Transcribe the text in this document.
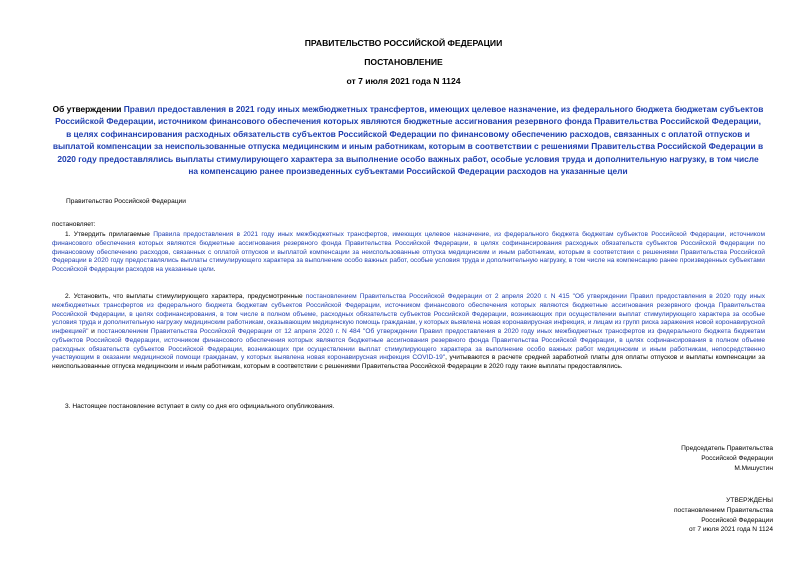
ПРАВИТЕЛЬСТВО РОССИЙСКОЙ ФЕДЕРАЦИИ
ПОСТАНОВЛЕНИЕ
от 7 июля 2021 года N 1124
Об утверждении Правил предоставления в 2021 году иных межбюджетных трансфертов, имеющих целевое назначение, из федерального бюджета бюджетам субъектов Российской Федерации, источником финансового обеспечения которых являются бюджетные ассигнования резервного фонда Правительства Российской Федерации, в целях софинансирования расходных обязательств субъектов Российской Федерации по финансовому обеспечению расходов, связанных с оплатой отпусков и выплатой компенсации за неиспользованные отпуска медицинским и иным работникам, которым в соответствии с решениями Правительства Российской Федерации в 2020 году предоставлялись выплаты стимулирующего характера за выполнение особо важных работ, особые условия труда и дополнительную нагрузку, в том числе на компенсацию ранее произведенных субъектами Российской Федерации расходов на указанные цели
Правительство Российской Федерации
постановляет:
1. Утвердить прилагаемые Правила предоставления в 2021 году иных межбюджетных трансфертов, имеющих целевое назначение, из федерального бюджета бюджетам субъектов Российской Федерации, источником финансового обеспечения которых являются бюджетные ассигнования резервного фонда Правительства Российской Федерации, в целях софинансирования расходных обязательств субъектов Российской Федерации по финансовому обеспечению расходов, связанных с оплатой отпусков и выплатой компенсации за неиспользованные отпуска медицинским и иным работникам, которым в соответствии с решениями Правительства Российской Федерации в 2020 году предоставлялись выплаты стимулирующего характера за выполнение особо важных работ, особые условия труда и дополнительную нагрузку, в том числе на компенсацию ранее произведенных субъектами Российской Федерации расходов на указанные цели.
2. Установить, что выплаты стимулирующего характера, предусмотренные постановлением Правительства Российской Федерации от 2 апреля 2020 г. N 415 "Об утверждении Правил предоставления в 2020 году иных межбюджетных трансфертов из федерального бюджета бюджетам субъектов Российской Федерации, источником финансового обеспечения которых являются бюджетные ассигнования резервного фонда Правительства Российской Федерации, в целях софинансирования, в том числе в полном объеме, расходных обязательств субъектов Российской Федерации, возникающих при осуществлении выплат стимулирующего характера за особые условия труда и дополнительную нагрузку медицинским работникам, оказывающим медицинскую помощь гражданам, у которых выявлена новая коронавирусная инфекция, и лицам из групп риска заражения новой коронавирусной инфекцией" и постановлением Правительства Российской Федерации от 12 апреля 2020 г. N 484 "Об утверждении Правил предоставления в 2020 году иных межбюджетных трансфертов из федерального бюджета бюджетам субъектов Российской Федерации, источником финансового обеспечения которых являются бюджетные ассигнования резервного фонда Правительства Российской Федерации, в целях софинансирования в полном объеме расходных обязательств субъектов Российской Федерации, возникающих при осуществлении выплат стимулирующего характера за выполнение особо важных работ медицинским и иным работникам, непосредственно участвующим в оказании медицинской помощи гражданам, у которых выявлена новая коронавирусная инфекция COVID-19", учитываются в расчете средней заработной платы для оплаты отпусков и выплаты компенсации за неиспользованные отпуска медицинским и иным работникам, которым в соответствии с решениями Правительства Российской Федерации в 2020 году такие выплаты предоставлялись.
3. Настоящее постановление вступает в силу со дня его официального опубликования.
Председатель Правительства
Российской Федерации
М.Мишустин
УТВЕРЖДЕНЫ
постановлением Правительства
Российской Федерации
от 7 июля 2021 года N 1124
